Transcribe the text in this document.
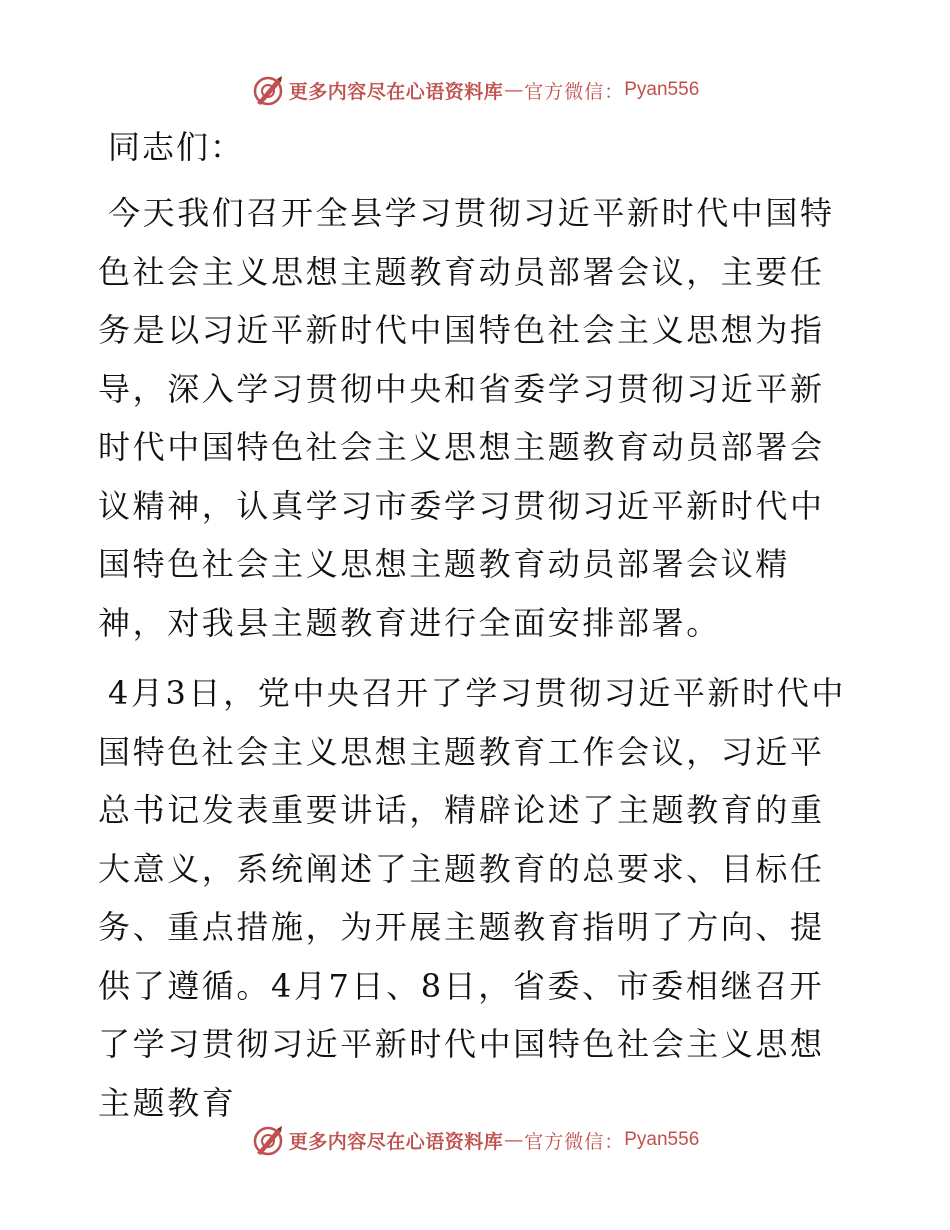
更多内容尽在心语资料库 — 官方微信： Pyan556
同志们：

今天我们召开全县学习贯彻习近平新时代中国特色社会主义思想主题教育动员部署会议，主要任务是以习近平新时代中国特色社会主义思想为指导，深入学习贯彻中央和省委学习贯彻习近平新时代中国特色社会主义思想主题教育动员部署会议精神，认真学习市委学习贯彻习近平新时代中国特色社会主义思想主题教育动员部署会议精神，对我县主题教育进行全面安排部署。

4月3日，党中央召开了学习贯彻习近平新时代中国特色社会主义思想主题教育工作会议，习近平总书记发表重要讲话，精辟论述了主题教育的重大意义，系统阐述了主题教育的总要求、目标任务、重点措施，为开展主题教育指明了方向、提供了遵循。4月7日、8日，省委、市委相继召开了学习贯彻习近平新时代中国特色社会主义思想主题教育

更多内容尽在心语资料库 — 官方微信： Pyan556
